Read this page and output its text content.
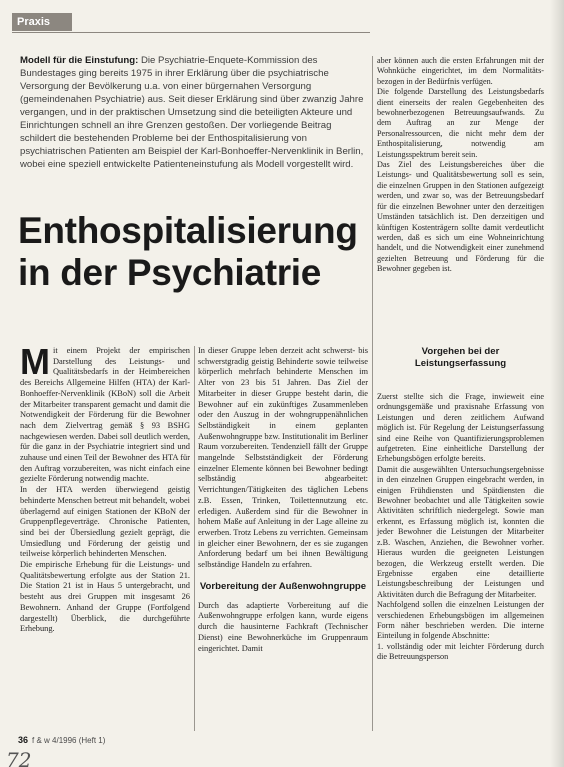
Praxis
Modell für die Einstufung: Die Psychiatrie-Enquete-Kommission des Bundestages ging bereits 1975 in ihrer Erklärung über die psychiatrische Versorgung der Bevölkerung u.a. von einer bürgernahen Versorgung (gemeindenahen Psychiatrie) aus. Seit dieser Erklärung sind über zwanzig Jahre vergangen, und in der praktischen Umsetzung sind die beteiligten Akteure und Einrichtungen schnell an ihre Grenzen gestoßen. Der vorliegende Beitrag schildert die bestehenden Probleme bei der Enthospitalisierung von psychiatrischen Patienten am Beispiel der Karl-Bonhoeffer-Nervenklinik in Berlin, wobei eine speziell entwickelte Patienteneinstufung als Modell vorgestellt wird.
Enthospitalisierung
in der Psychiatrie

Mit einem Projekt der empirischen Darstellung des Leistungs- und Qualitätsbedarfs in der Heimbereichen des Bereichs Allgemeine Hilfen (HTA) der Karl-Bonhoeffer-Nervenklinik (KBoN) soll die Arbeit der Mitarbeiter transparent gemacht und damit die Notwendigkeit der Förderung für die Bewohner nach dem Zielvertrag gemäß § 93 BSHG nachgewiesen werden. Dabei soll deutlich werden, für die ganz in der Psychiatrie integriert sind und zuhause und einen Teil der Bewohner des HTA für den Auftrag vorzubereiten, was nicht einfach eine gezielte Förderung notwendig machte.

In der HTA werden überwiegend geistig behinderte Menschen betreut mit behandelt, wobei überlagernd auf einigen Stationen der KBoN der Gruppenpflegeverträge. Chronische Patienten, sind bei der Übersiedlung gezielt geprägt, die Umsiedlung und Förderung der geistig und teilweise körperlich behinderten Menschen.

Die empirische Erhebung für die Leistungs- und Qualitätsbewertung erfolgte aus der Station 21. Die Station 21 ist in Haus 5 untergebracht, und besteht aus drei Gruppen mit insgesamt 26 Bewohnern. Anhand der Gruppe (Fortfolgend dargestellt) Überblick, die durchgeführte Erhebung.

In dieser Gruppe leben derzeit acht schwerst- bis schwerstgradig geistig Behinderte sowie teilweise körperlich mehrfach behinderte Menschen im Alter von 23 bis 51 Jahren. Das Ziel der Mitarbeiter in dieser Gruppe besteht darin, die Bewohner auf ein zukünftiges Zusammenleben oder den Auszug in der wohngruppenähnlichen Selbständigkeit in einem geplanten Außenwohngruppe bzw. Institutionalit im Berliner Raum vorzubereiten. Tendenziell fällt der Gruppe mangelnde Selbstständigkeit der Förderung einzelner Elemente können bei Bewohner bedingt selbständig abgearbeitet: Verrichtungen/Tätigkeiten des täglichen Lebens z.B. Essen, Trinken, Toilettennutzung etc. erledigen. Außerdem sind für die Bewohner in hohem Maße auf Anleitung in der Lage alleine zu erwerben. Trotz Lebens zu verrichten. Gemeinsam in gleicher einer Bewohnern, der es sie zugangen Anforderung bedarf um bei ihnen Bewältigung selbständige Handeln zu erfahren.

Vorbereitung der Außenwohngruppe

Durch das adaptierte Vorbereitung auf die Außenwohngruppe erfolgen kann, wurde eigens durch die hausinterne Fachkraft (Technischer Dienst) eine Bewohnerküche im Gruppenraum eingerichtet. Damit

aber können auch die ersten Erfahrungen mit der Wohnküche eingerichtet, im dem Normalitäts-bezogen in der Bedürfnis verfügen.

Die folgende Darstellung des Leistungsbedarfs dient einerseits der realen Gegebenheiten des bewohnerbezogenen Betreuungsaufwands. Zu dem Auftrag an zur Menge der Personalressourcen, die nicht mehr dem der Enthospitalisierung, notwendig am Leistungsspektrum bereit sein.

Das Ziel des Leistungsbereiches über die Leistungs- und Qualitätsbewertung soll es sein, die einzelnen Gruppen in den Stationen aufgezeigt werden, und zwar so, was der Betreuungsbedarf für die einzelnen Bewohner unter den derzeitigen Umständen tatsächlich ist. Den derzeitigen und künftigen Kostenträgern sollte damit verdeutlicht werden, daß es sich um eine Wohneinrichtung handelt, und die Notwendigkeit einer zunehmend gezielten Betreuung und Förderung für die Bewohner gegeben ist.

Vorgehen bei der Leistungserfassung

Zuerst stellte sich die Frage, inwieweit eine ordnungsgemäße und praxisnahe Erfassung von Leistungen und deren zeitlichem Aufwand möglich ist. Für Regelung der Leistungserfassung sind eine Reihe von Quantifizierungsproblemen aufgetreten. Eine einheitliche Darstellung der Erhebungsbögen erfolgte bereits.

Damit die ausgewählten Untersuchungsergebnisse in den einzelnen Gruppen eingebracht werden, in einigen Frühdiensten und Spätdiensten die Bewohner beobachtet und alle Tätigkeiten sowie Aktivitäten schriftlich niedergelegt. Sowie man erkennt, es Erfassung möglich ist, konnten die jeder Bewohner die Leistungen der Mitarbeiter z.B. Waschen, Anziehen, die Bewohner vorher. Hieraus wurden die geeigneten Leistungen bezogen, die Werkzeug erstellt werden. Die Ergebnisse ergaben eine detaillierte Leistungsbeschreibung der Leistungen und Aktivitäten durch die Befragung der Mitarbeiter.

Nachfolgend sollen die einzelnen Leistungen der verschiedenen Erhebungsbögen im allgemeinen Form näher beschrieben werden. Die interne Einteilung in folgende Abschnitte:

1. vollständig oder mit leichter Förderung durch die Betreuungsperson

36 f & w 4/1996 (Heft 1)
72
